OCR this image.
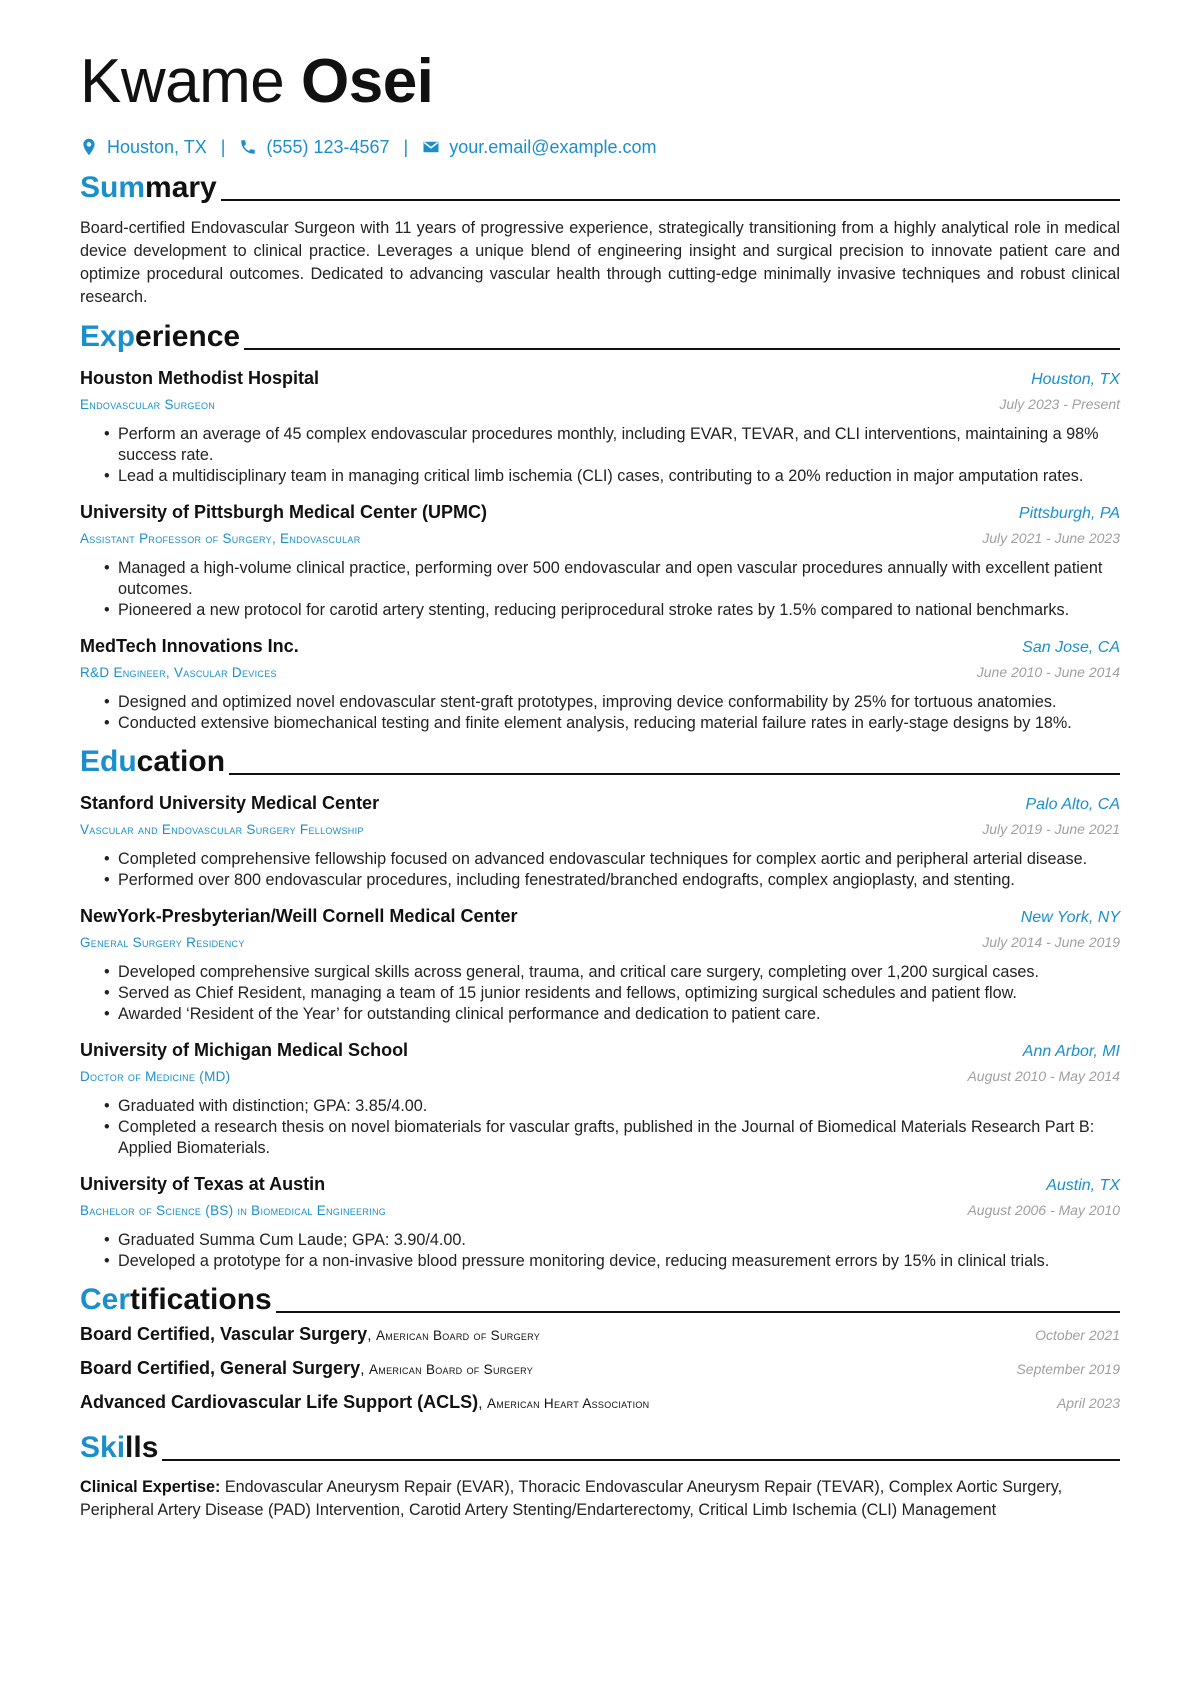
Kwame Osei
Houston, TX | (555) 123-4567 | your.email@example.com
Summary

Board-certified Endovascular Surgeon with 11 years of progressive experience, strategically transitioning from a highly analytical role in medical device development to clinical practice. Leverages a unique blend of engineering insight and surgical precision to innovate patient care and optimize procedural outcomes. Dedicated to advancing vascular health through cutting-edge minimally invasive techniques and robust clinical research.

Experience
Houston Methodist Hospital	Houston, TX
Endovascular Surgeon	July 2023 - Present
• Perform an average of 45 complex endovascular procedures monthly, including EVAR, TEVAR, and CLI interventions, maintaining a 98% success rate.
• Lead a multidisciplinary team in managing critical limb ischemia (CLI) cases, contributing to a 20% reduction in major amputation rates.
University of Pittsburgh Medical Center (UPMC)	Pittsburgh, PA
Assistant Professor of Surgery, Endovascular	July 2021 - June 2023
• Managed a high-volume clinical practice, performing over 500 endovascular and open vascular procedures annually with excellent patient outcomes.
• Pioneered a new protocol for carotid artery stenting, reducing periprocedural stroke rates by 1.5% compared to national benchmarks.
MedTech Innovations Inc.	San Jose, CA
R&D Engineer, Vascular Devices	June 2010 - June 2014
• Designed and optimized novel endovascular stent-graft prototypes, improving device conformability by 25% for tortuous anatomies.
• Conducted extensive biomechanical testing and finite element analysis, reducing material failure rates in early-stage designs by 18%.
Education
Stanford University Medical Center	Palo Alto, CA
Vascular and Endovascular Surgery Fellowship	July 2019 - June 2021
• Completed comprehensive fellowship focused on advanced endovascular techniques for complex aortic and peripheral arterial disease.
• Performed over 800 endovascular procedures, including fenestrated/branched endografts, complex angioplasty, and stenting.
NewYork-Presbyterian/Weill Cornell Medical Center	New York, NY
General Surgery Residency	July 2014 - June 2019
• Developed comprehensive surgical skills across general, trauma, and critical care surgery, completing over 1,200 surgical cases.
• Served as Chief Resident, managing a team of 15 junior residents and fellows, optimizing surgical schedules and patient flow.
• Awarded ‘Resident of the Year’ for outstanding clinical performance and dedication to patient care.
University of Michigan Medical School	Ann Arbor, MI
Doctor of Medicine (MD)	August 2010 - May 2014
• Graduated with distinction; GPA: 3.85/4.00.
• Completed a research thesis on novel biomaterials for vascular grafts, published in the Journal of Biomedical Materials Research Part B: Applied Biomaterials.
University of Texas at Austin	Austin, TX
Bachelor of Science (BS) in Biomedical Engineering	August 2006 - May 2010
• Graduated Summa Cum Laude; GPA: 3.90/4.00.
• Developed a prototype for a non-invasive blood pressure monitoring device, reducing measurement errors by 15% in clinical trials.
Certifications
Board Certified, Vascular Surgery, American Board of Surgery	October 2021
Board Certified, General Surgery, American Board of Surgery	September 2019
Advanced Cardiovascular Life Support (ACLS), American Heart Association	April 2023
Skills
Clinical Expertise: Endovascular Aneurysm Repair (EVAR), Thoracic Endovascular Aneurysm Repair (TEVAR), Complex Aortic Surgery, Peripheral Artery Disease (PAD) Intervention, Carotid Artery Stenting/Endarterectomy, Critical Limb Ischemia (CLI) Management
